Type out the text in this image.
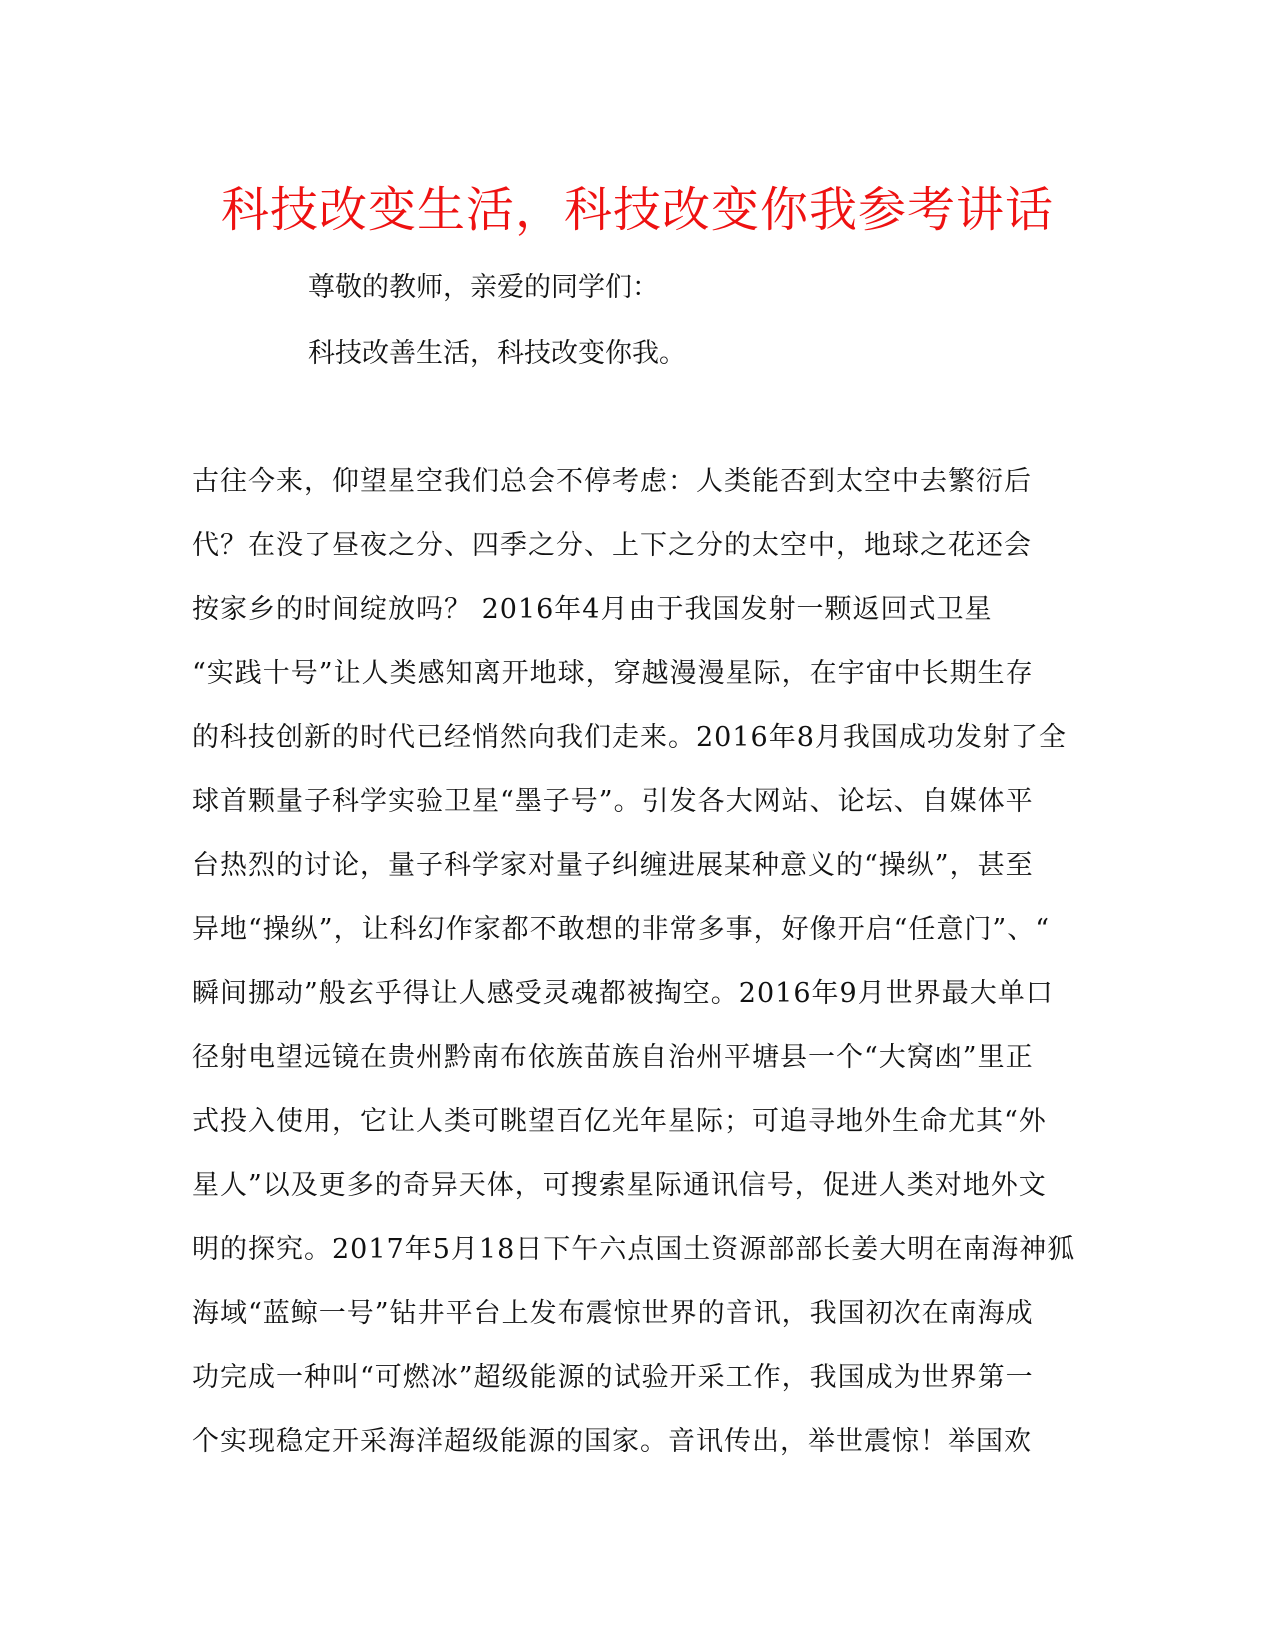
科技改变生活，科技改变你我参考讲话

尊敬的教师，亲爱的同学们：

科技改善生活，科技改变你我。

古往今来，仰望星空我们总会不停考虑：人类能否到太空中去繁衍后
代？在没了昼夜之分、四季之分、上下之分的太空中，地球之花还会
按家乡的时间绽放吗？ 2016年4月由于我国发射一颗返回式卫星
“实践十号”让人类感知离开地球，穿越漫漫星际，在宇宙中长期生存
的科技创新的时代已经悄然向我们走来。2016年8月我国成功发射了全
球首颗量子科学实验卫星“墨子号”。引发各大网站、论坛、自媒体平
台热烈的讨论，量子科学家对量子纠缠进展某种意义的“操纵”，甚至
异地“操纵”，让科幻作家都不敢想的非常多事，好像开启“任意门”、“
瞬间挪动”般玄乎得让人感受灵魂都被掏空。2016年9月世界最大单口
径射电望远镜在贵州黔南布依族苗族自治州平塘县一个“大窝凼”里正
式投入使用，它让人类可眺望百亿光年星际；可追寻地外生命尤其“外
星人”以及更多的奇异天体，可搜索星际通讯信号，促进人类对地外文
明的探究。2017年5月18日下午六点国土资源部部长姜大明在南海神狐
海域“蓝鲸一号”钻井平台上发布震惊世界的音讯，我国初次在南海成
功完成一种叫“可燃冰”超级能源的试验开采工作，我国成为世界第一
个实现稳定开采海洋超级能源的国家。音讯传出，举世震惊！举国欢
